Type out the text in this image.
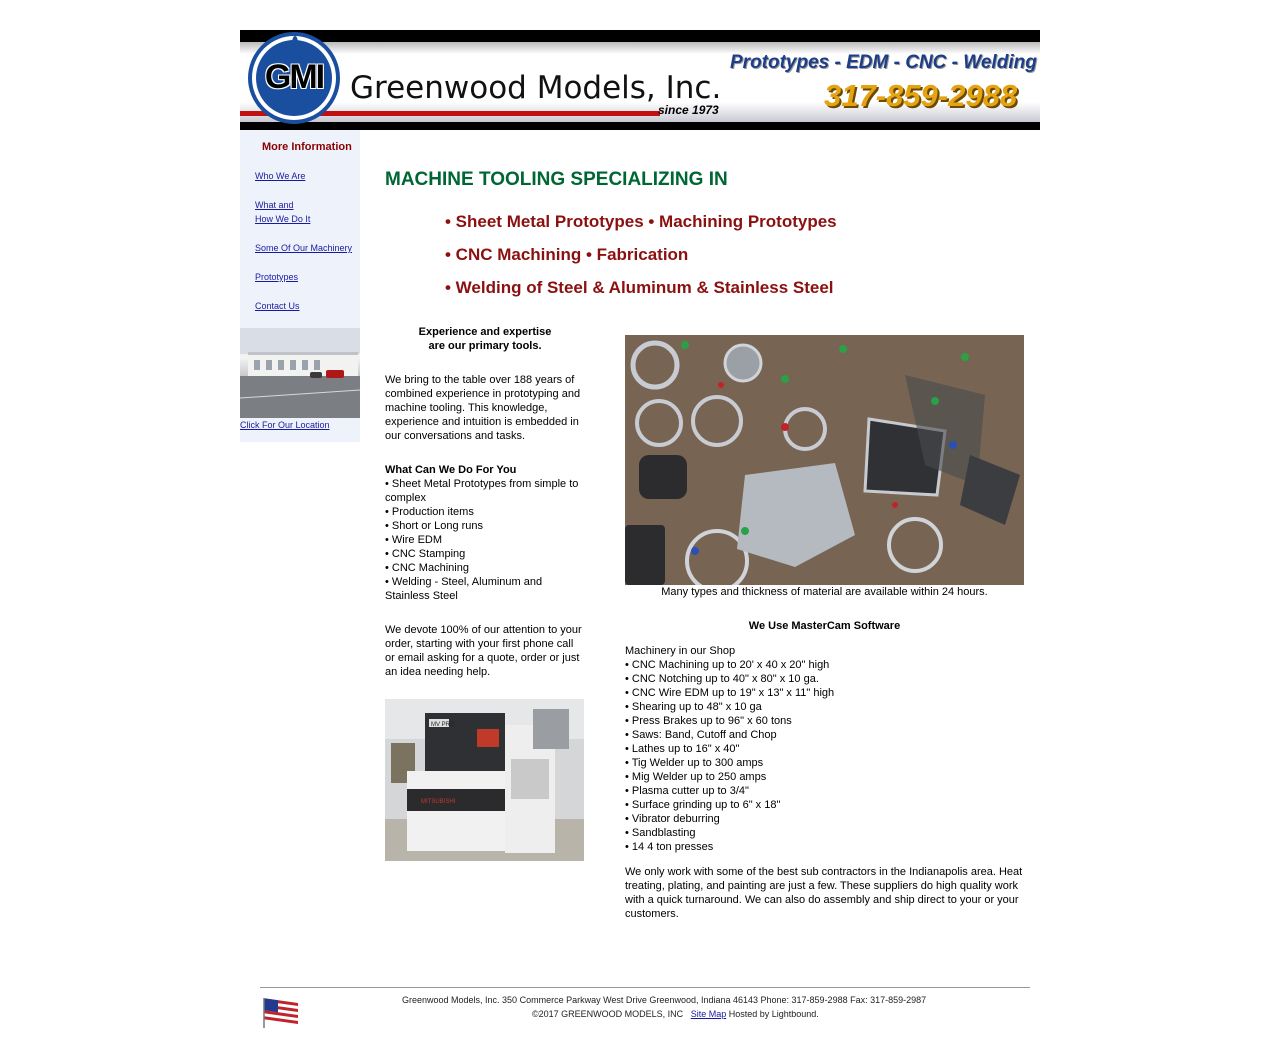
GMI Greenwood Models, Inc.
since 1973
Prototypes - EDM - CNC - Welding
317-859-2988
More Information
Who We Are
What and
How We Do It
Some Of Our Machinery
Prototypes
Contact Us
Click For Our Location
MACHINE TOOLING SPECIALIZING IN
• Sheet Metal Prototypes • Machining Prototypes
• CNC Machining • Fabrication
• Welding of Steel & Aluminum & Stainless Steel
Experience and expertise
are our primary tools.
We bring to the table over 188 years of combined experience in prototyping and machine tooling. This knowledge, experience and intuition is embedded in our conversations and tasks.
What Can We Do For You
• Sheet Metal Prototypes from simple to complex
• Production items
• Short or Long runs
• Wire EDM
• CNC Stamping
• CNC Machining
• Welding - Steel, Aluminum and Stainless Steel
We devote 100% of our attention to your order, starting with your first phone call or email asking for a quote, order or just an idea needing help.
MV PRO
MITSUBISHI
Many types and thickness of material are available within 24 hours.
We Use MasterCam Software
Machinery in our Shop
• CNC Machining up to 20' x 40 x 20" high
• CNC Notching up to 40" x 80" x 10 ga.
• CNC Wire EDM up to 19" x 13" x 11" high
• Shearing up to 48" x 10 ga
• Press Brakes up to 96" x 60 tons
• Saws: Band, Cutoff and Chop
• Lathes up to 16" x 40"
• Tig Welder up to 300 amps
• Mig Welder up to 250 amps
• Plasma cutter up to 3/4"
• Surface grinding up to 6" x 18"
• Vibrator deburring
• Sandblasting
• 14 4 ton presses
We only work with some of the best sub contractors in the Indianapolis area. Heat treating, plating, and painting are just a few. These suppliers do high quality work with a quick turnaround. We can also do assembly and ship direct to your or your customers.
Greenwood Models, Inc. 350 Commerce Parkway West Drive Greenwood, Indiana 46143 Phone: 317-859-2988 Fax: 317-859-2987
©2017 GREENWOOD MODELS, INC Site Map Hosted by Lightbound.
